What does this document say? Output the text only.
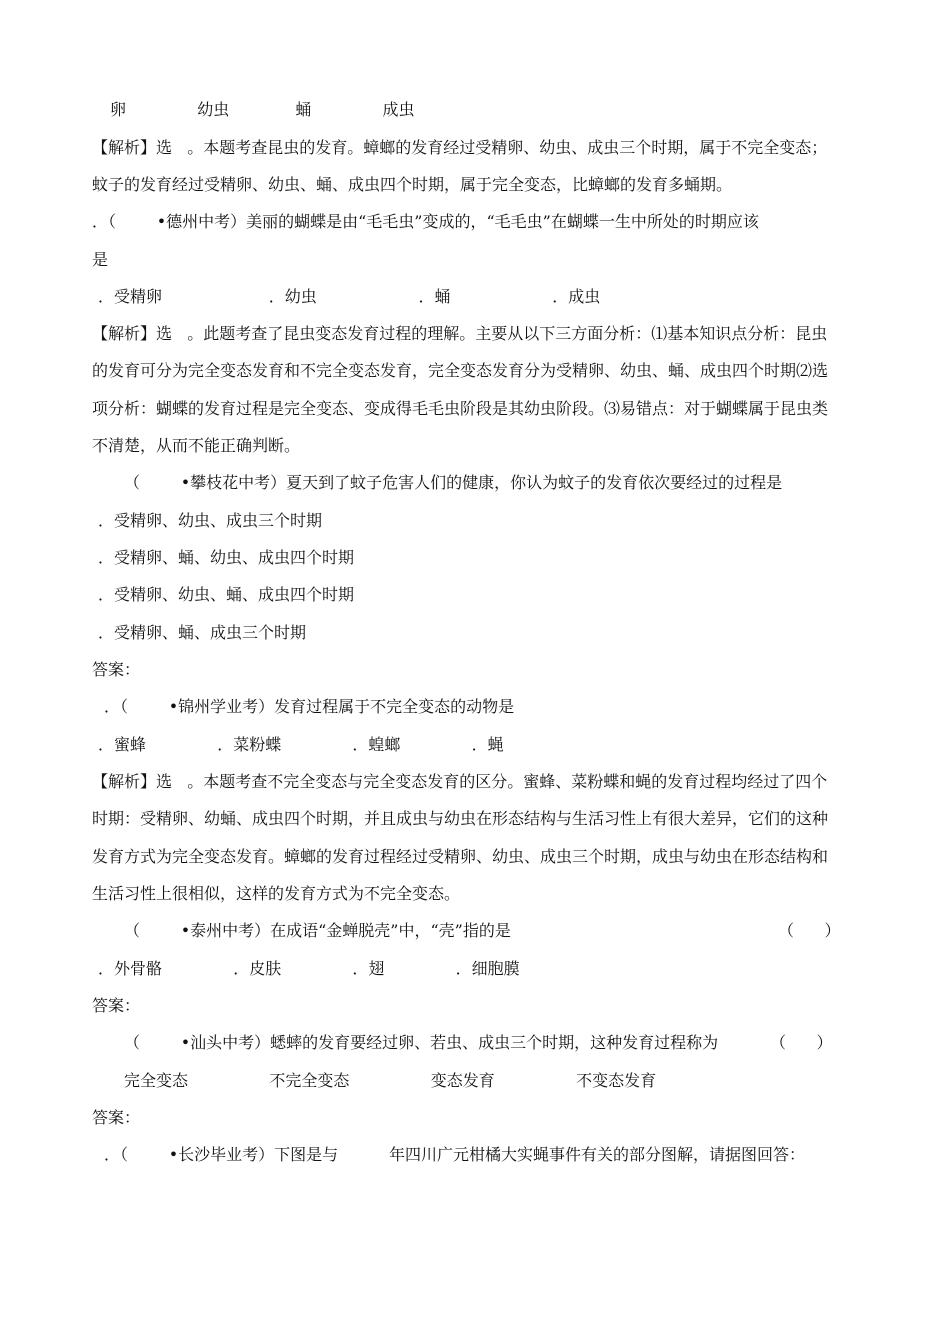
卵              幼虫             蛹              成虫
【解析】选   。本题考查昆虫的发育。蟑螂的发育经过受精卵、幼虫、成虫三个时期，属于不完全变态；
蚊子的发育经过受精卵、幼虫、蛹、成虫四个时期，属于完全变态，比蟑螂的发育多蛹期。
．（        •德州中考）美丽的蝴蝶是由“毛毛虫”变成的，“毛毛虫”在蝴蝶一生中所处的时期应该
是
．受精卵                     ．幼虫                    ．蛹                    ．成虫
【解析】选   。此题考查了昆虫变态发育过程的理解。主要从以下三方面分析：⑴基本知识点分析：昆虫
的发育可分为完全变态发育和不完全变态发育，完全变态发育分为受精卵、幼虫、蛹、成虫四个时期⑵选
项分析：蝴蝶的发育过程是完全变态、变成得毛毛虫阶段是其幼虫阶段。⑶易错点：对于蝴蝶属于昆虫类
不清楚，从而不能正确判断。
（        •攀枝花中考）夏天到了蚊子危害人们的健康，你认为蚊子的发育依次要经过的过程是
．受精卵、幼虫、成虫三个时期
．受精卵、蛹、幼虫、成虫四个时期
．受精卵、幼虫、蛹、成虫四个时期
．受精卵、蛹、成虫三个时期
答案：
．（        •锦州学业考）发育过程属于不完全变态的动物是
．蜜蜂              ．菜粉蝶              ．蝗螂              ．蝇
【解析】选   。本题考查不完全变态与完全变态发育的区分。蜜蜂、菜粉蝶和蝇的发育过程均经过了四个
时期：受精卵、幼蛹、成虫四个时期，并且成虫与幼虫在形态结构与生活习性上有很大差异，它们的这种
发育方式为完全变态发育。蟑螂的发育过程经过受精卵、幼虫、成虫三个时期，成虫与幼虫在形态结构和
生活习性上很相似，这样的发育方式为不完全变态。
（        •泰州中考）在成语“金蝉脱壳”中，“壳”指的是	（      ）
．外骨骼              ．皮肤              ．翅              ．细胞膜
答案：
（        •汕头中考）蟋蟀的发育要经过卵、若虫、成虫三个时期，这种发育过程称为	（      ）
完全变态                不完全变态                变态发育                不变态发育
答案：
．（        •长沙毕业考）下图是与          年四川广元柑橘大实蝇事件有关的部分图解，请据图回答：
